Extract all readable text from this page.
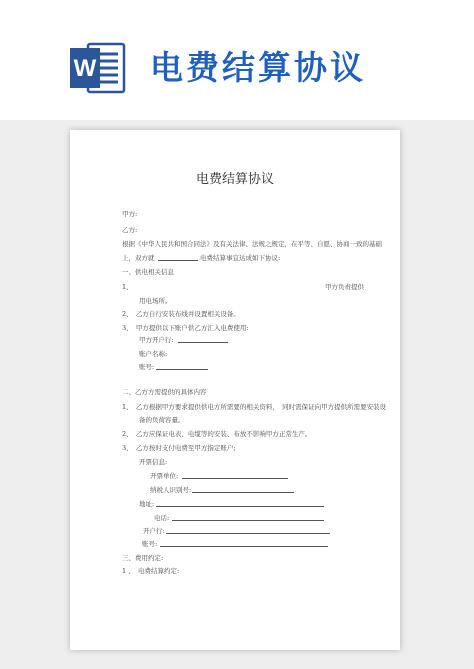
W 电费结算协议
电费结算协议
甲方:
乙方:
根据《中华人民共和国合同法》及有关法律、法规之规定，在平等、自愿、协商一致的基础
上，双方就	电费结算事宜达成如下协议:
一、供电相关信息
1、	甲方负责提供
用电场所。
2、　乙方自行安装布线并设置相关设备。
3、　甲方提供以下账户供乙方汇入电费使用:
甲方开户行:
账户名称:
账号:
二、乙方方需提供的具体内容
1、　乙方根据甲方要求提供供电方所需要的相关资料，　同时需保证向甲方提供所需要安装设
备的负荷容量。
2、　乙方应保证电表、电缆等的安装、布放不影响甲方正常生产。
3、　乙方按时支付电费至甲方指定账户;
开票信息:
开票单位:
纳税人识别号:
地址:
电话:
开户行:
账号:
三、费用约定:
1 、　电费结算约定:
